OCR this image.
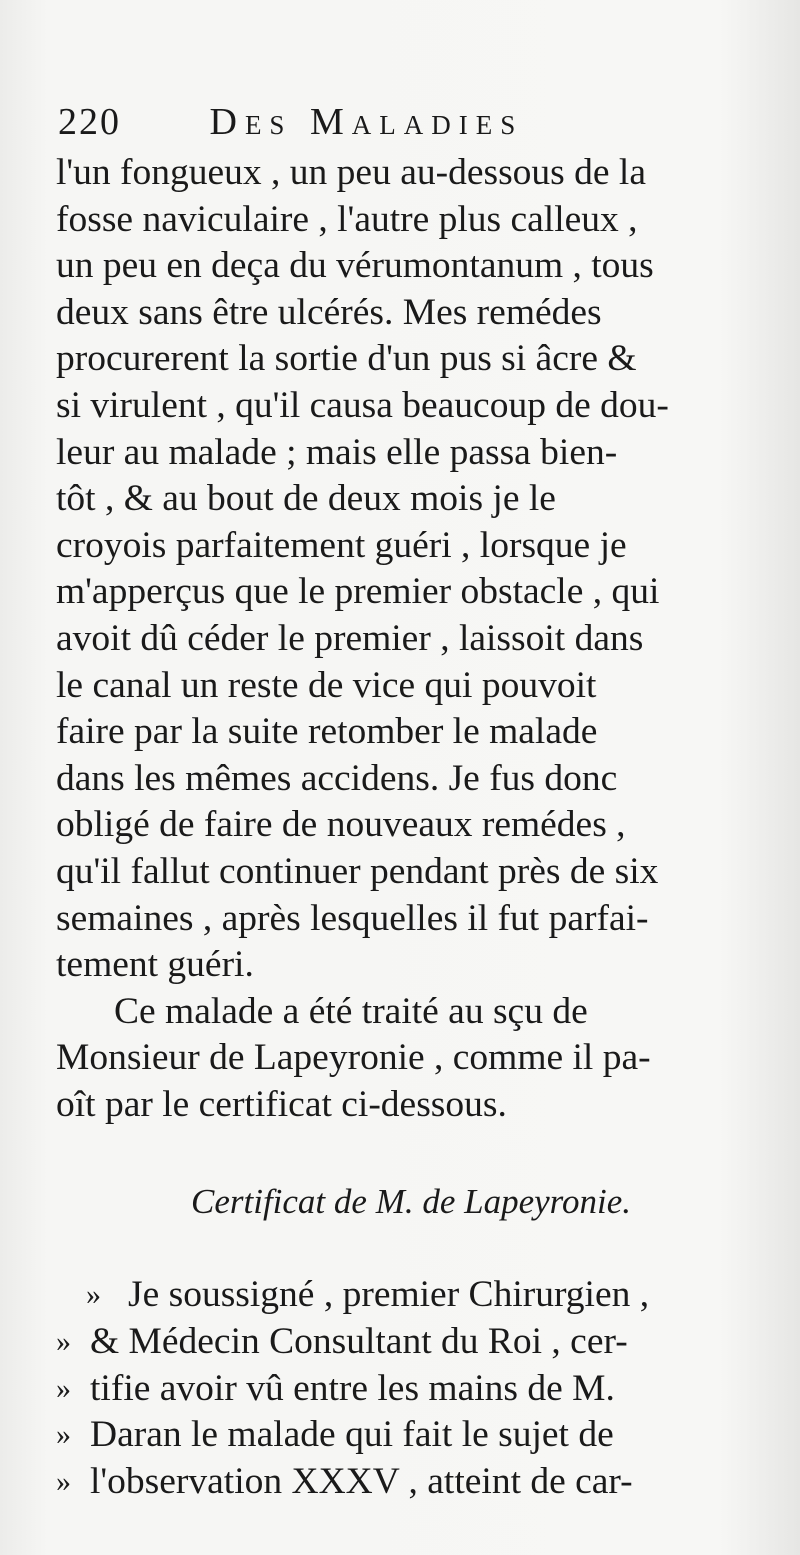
220 Des Maladies
l'un fongueux , un peu au-dessous de la
fosse naviculaire , l'autre plus calleux ,
un peu en deça du vérumontanum , tous
deux sans être ulcérés. Mes remédes
procurerent la sortie d'un pus si âcre &
si virulent , qu'il causa beaucoup de dou-
leur au malade ; mais elle passa bien-
tôt , & au bout de deux mois je le
croyois parfaitement guéri , lorsque je
m'apperçus que le premier obstacle , qui
avoit dû céder le premier , laissoit dans
le canal un reste de vice qui pouvoit
faire par la suite retomber le malade
dans les mêmes accidens. Je fus donc
obligé de faire de nouveaux remédes ,
qu'il fallut continuer pendant près de six
semaines , après lesquelles il fut parfai-
tement guéri.
Ce malade a été traité au sçu de
Monsieur de Lapeyronie , comme il pa-
oît par le certificat ci-dessous.
Certificat de M. de Lapeyronie.
» Je soussigné , premier Chirurgien ,
» & Médecin Consultant du Roi , cer-
» tifie avoir vû entre les mains de M.
» Daran le malade qui fait le sujet de
» l'observation XXXV , atteint de car-
